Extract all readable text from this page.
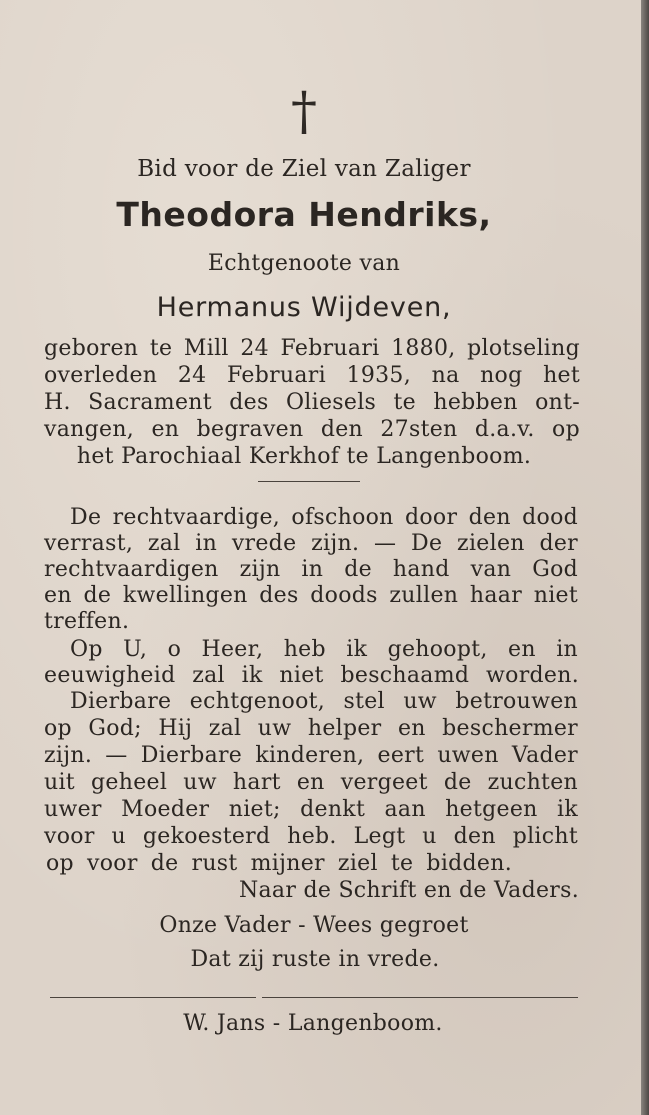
†
Bid voor de Ziel van Zaliger
Theodora Hendriks,
Echtgenoote van
Hermanus Wijdeven,
geboren te Mill 24 Februari 1880, plotseling
overleden 24 Februari 1935, na nog het
H. Sacrament des Oliesels te hebben ont-
vangen, en begraven den 27sten d.a.v. op
het Parochiaal Kerkhof te Langenboom.
De rechtvaardige, ofschoon door den dood
verrast, zal in vrede zijn. — De zielen der
rechtvaardigen zijn in de hand van God
en de kwellingen des doods zullen haar niet
treffen.
Op U, o Heer, heb ik gehoopt, en in
eeuwigheid zal ik niet beschaamd worden.
Dierbare echtgenoot, stel uw betrouwen
op God; Hij zal uw helper en beschermer
zijn. — Dierbare kinderen, eert uwen Vader
uit geheel uw hart en vergeet de zuchten
uwer Moeder niet; denkt aan hetgeen ik
voor u gekoesterd heb. Legt u den plicht
op voor de rust mijner ziel te bidden.
Naar de Schrift en de Vaders.
Onze Vader - Wees gegroet
Dat zij ruste in vrede.
W. Jans - Langenboom.
